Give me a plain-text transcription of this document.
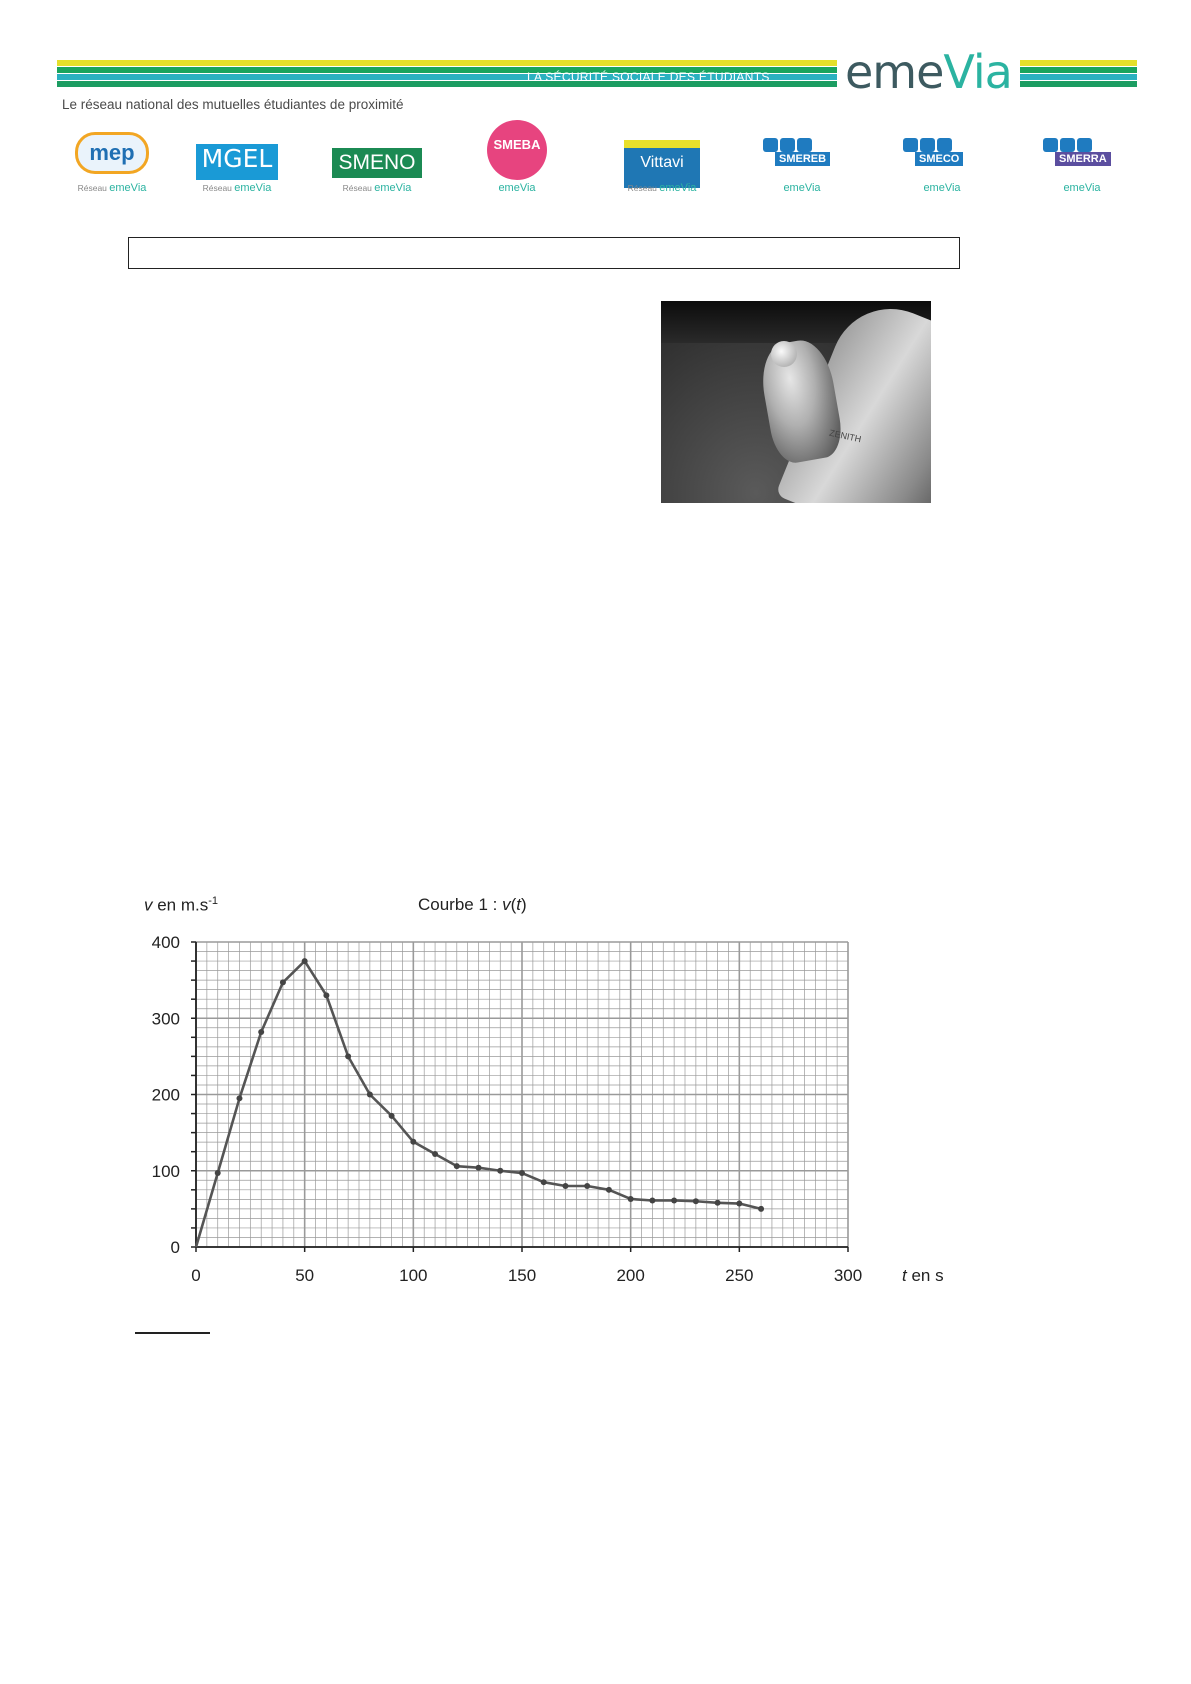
LA SÉCURITÉ SOCIALE DES ÉTUDIANTS	emeVia
Le réseau national des mutuelles étudiantes de proximité
mep
Réseau emeVia
MGEL
Réseau emeVia
SMENO
Réseau emeVia
SMEBA
emeVia
Vittavi
Réseau emeVia
SMEREB
emeVia
SMECO
emeVia
SMERRA
emeVia
ZENITH
v en $m.s^{-1}$	Courbe 1 : v(t)
t en s
0
100
200
300
400
0	50	100	150	200	250	300
